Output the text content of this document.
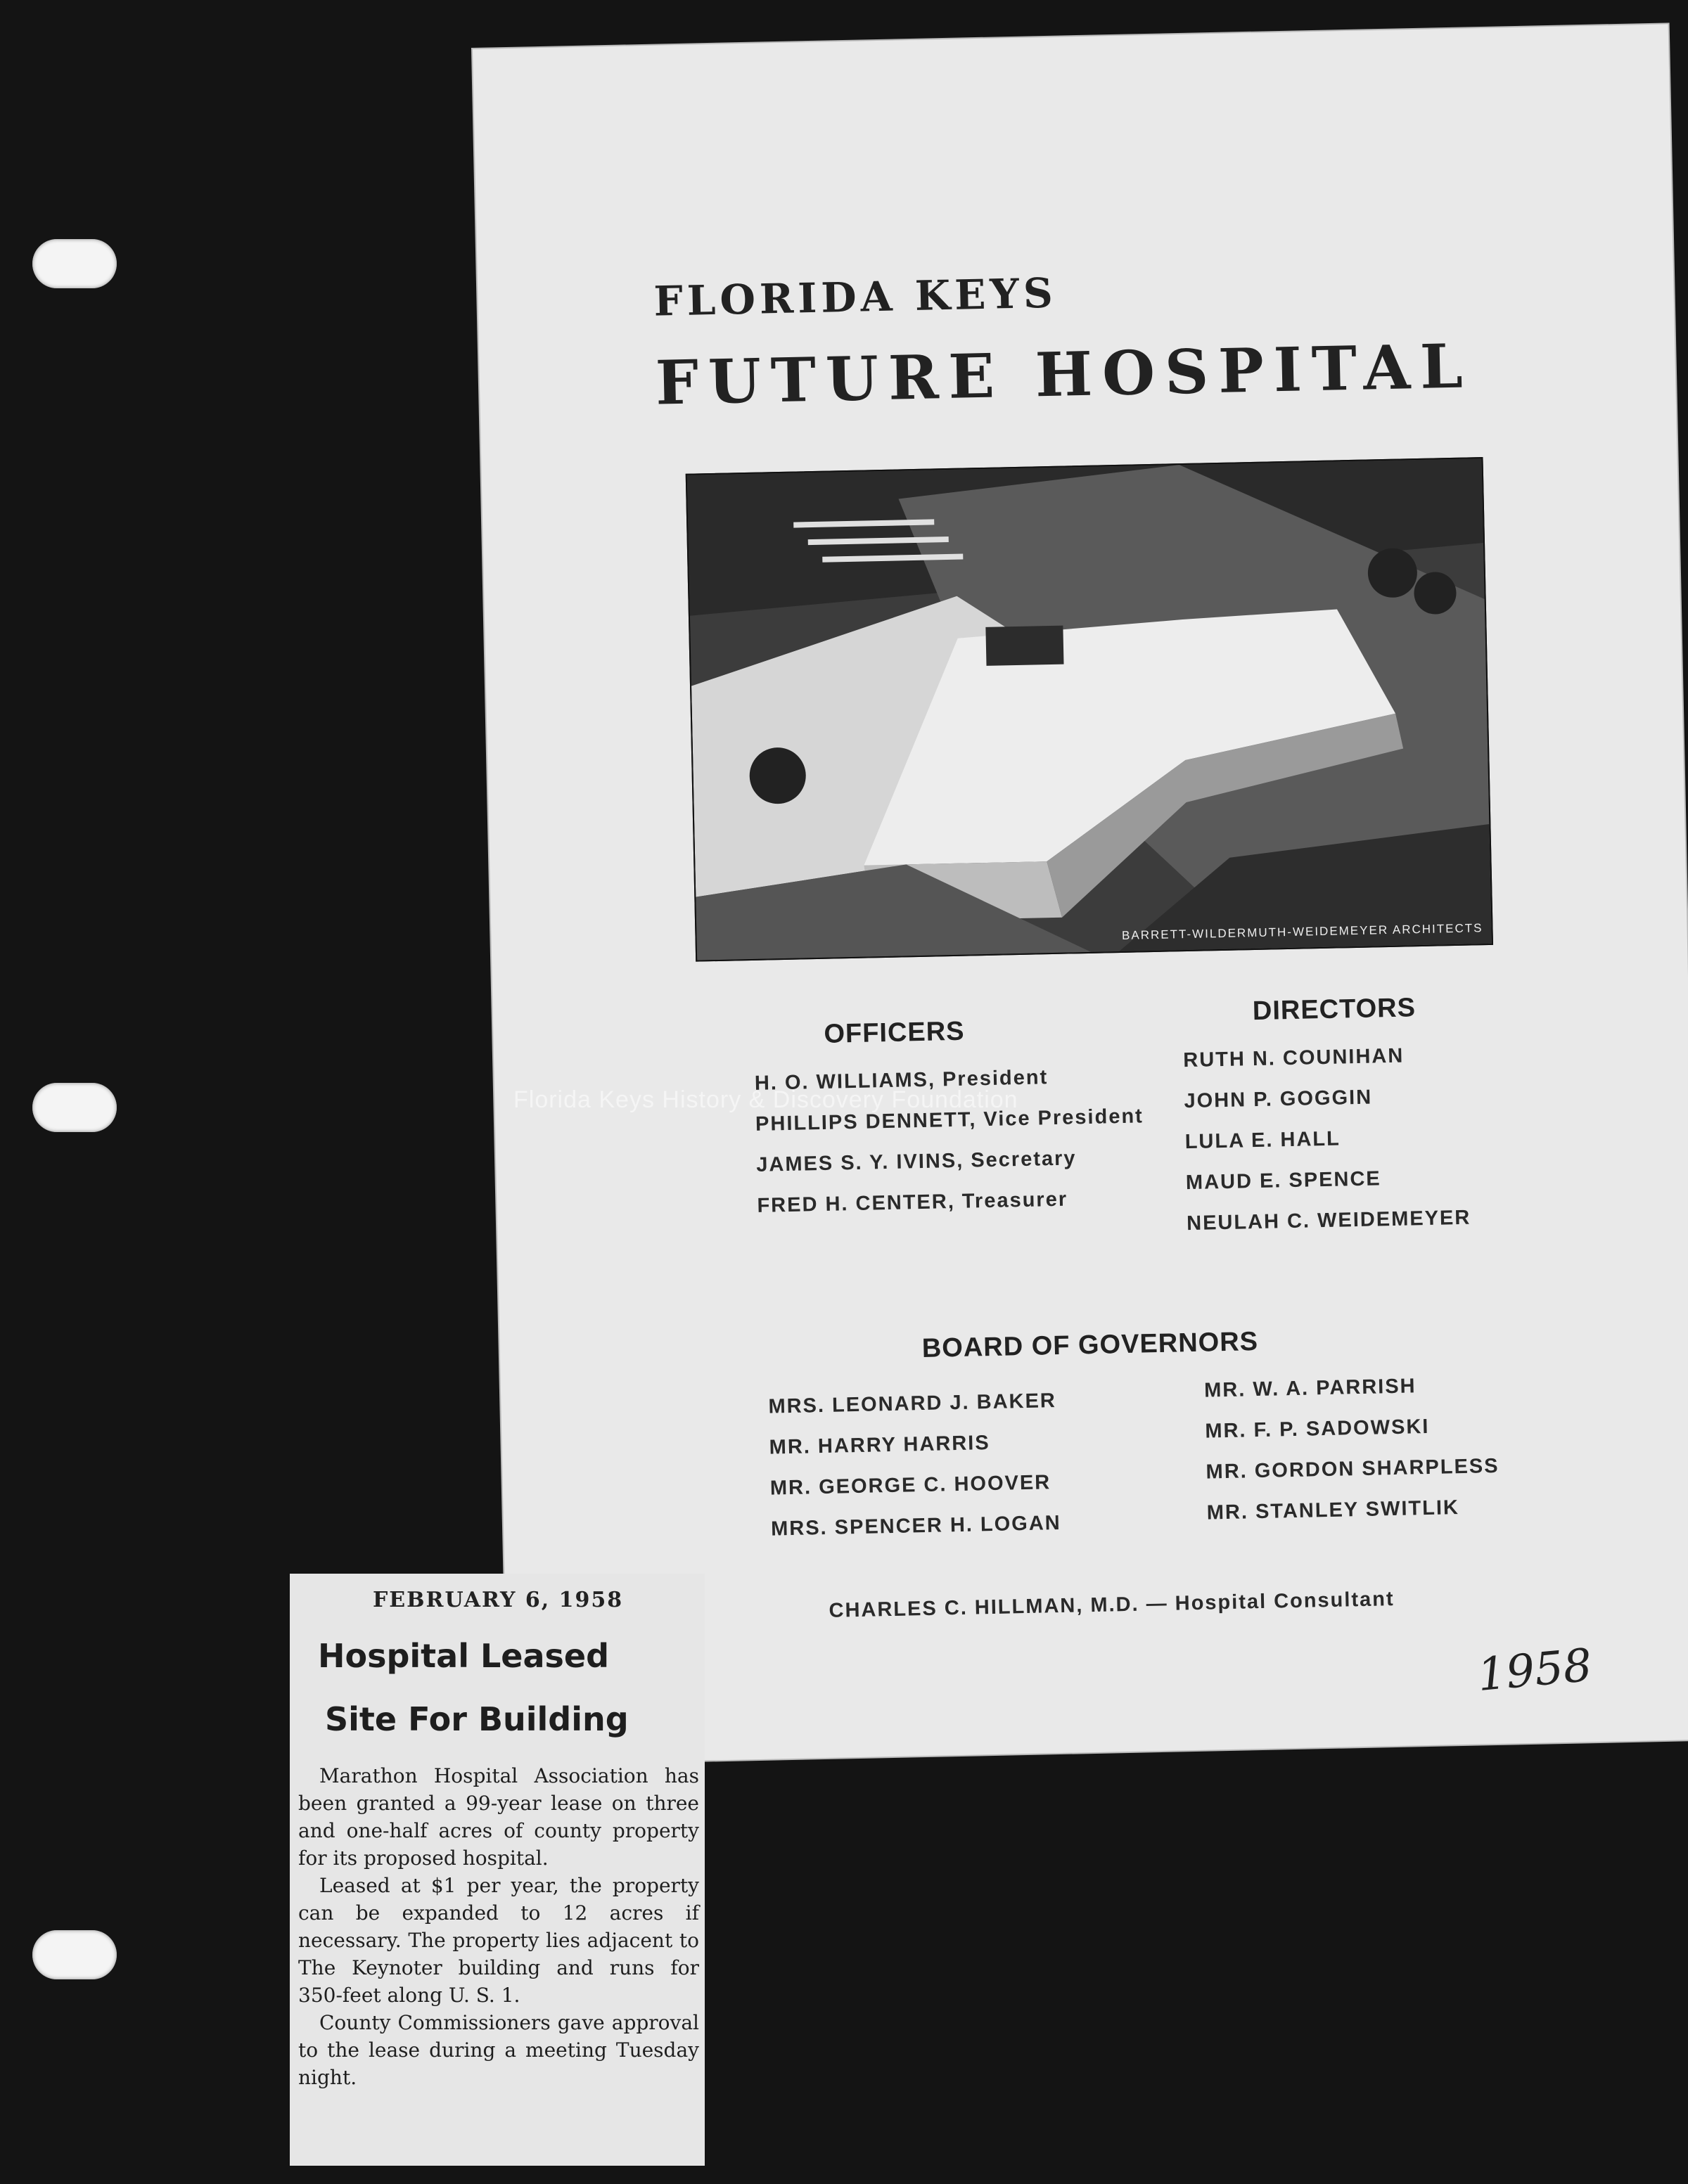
FLORIDA KEYS
FUTURE HOSPITAL
BARRETT-WILDERMUTH-WEIDEMEYER ARCHITECTS
OFFICERS
H. O. WILLIAMS, President
PHILLIPS DENNETT, Vice President
JAMES S. Y. IVINS, Secretary
FRED H. CENTER, Treasurer
DIRECTORS
RUTH N. COUNIHAN
JOHN P. GOGGIN
LULA E. HALL
MAUD E. SPENCE
NEULAH C. WEIDEMEYER
BOARD OF GOVERNORS
MRS. LEONARD J. BAKER
MR. HARRY HARRIS
MR. GEORGE C. HOOVER
MRS. SPENCER H. LOGAN
MR. W. A. PARRISH
MR. F. P. SADOWSKI
MR. GORDON SHARPLESS
MR. STANLEY SWITLIK
CHARLES C. HILLMAN, M.D. — Hospital Consultant
1958
Florida Keys History & Discovery Foundation
FEBRUARY 6, 1958
Hospital Leased
Site For Building

Marathon Hospital Association has been granted a 99-year lease on three and one-half acres of county property for its proposed hospital.

Leased at $1 per year, the property can be expanded to 12 acres if necessary. The property lies adjacent to The Keynoter building and runs for 350-feet along U. S. 1.

County Commissioners gave approval to the lease during a meeting Tuesday night.
